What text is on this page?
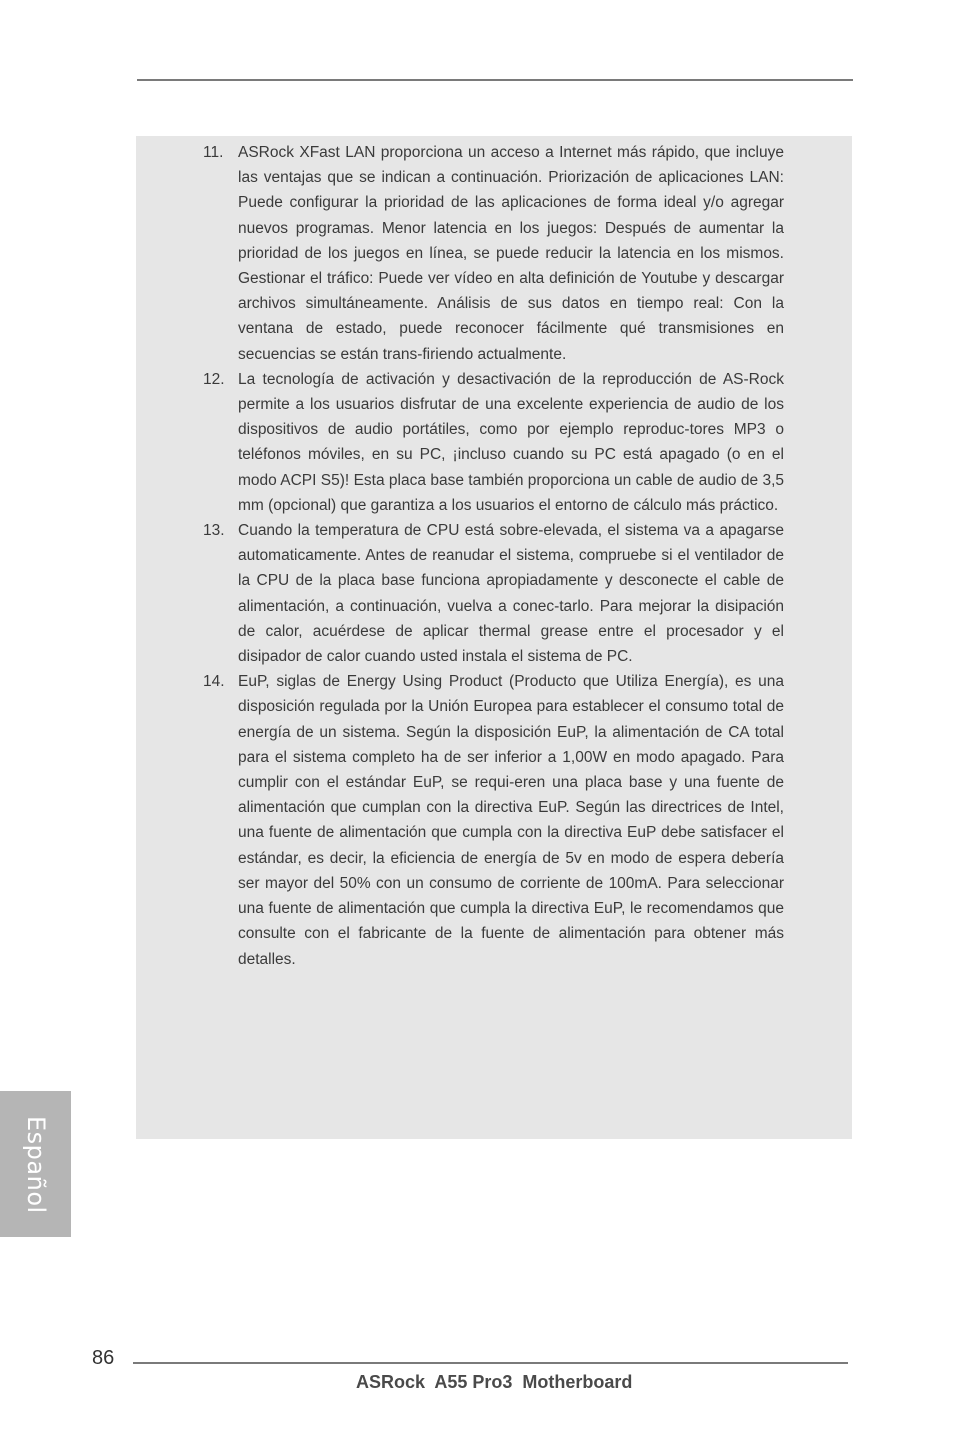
11. ASRock XFast LAN proporciona un acceso a Internet más rápido, que incluye las ventajas que se indican a continuación. Priorización de aplicaciones LAN: Puede configurar la prioridad de las aplicaciones de forma ideal y/o agregar nuevos programas. Menor latencia en los juegos: Después de aumentar la prioridad de los juegos en línea, se puede reducir la latencia en los mismos. Gestionar el tráfico: Puede ver vídeo en alta definición de Youtube y descargar archivos simultáneamente. Análisis de sus datos en tiempo real: Con la ventana de estado, puede reconocer fácilmente qué transmisiones en secuencias se están trans-firiendo actualmente.
12. La tecnología de activación y desactivación de la reproducción de AS-Rock permite a los usuarios disfrutar de una excelente experiencia de audio de los dispositivos de audio portátiles, como por ejemplo reproduc-tores MP3 o teléfonos móviles, en su PC, ¡incluso cuando su PC está apagado (o en el modo ACPI S5)! Esta placa base también proporciona un cable de audio de 3,5 mm (opcional) que garantiza a los usuarios el entorno de cálculo más práctico.
13. Cuando la temperatura de CPU está sobre-elevada, el sistema va a apagarse automaticamente. Antes de reanudar el sistema, compruebe si el ventilador de la CPU de la placa base funciona apropiadamente y desconecte el cable de alimentación, a continuación, vuelva a conec-tarlo. Para mejorar la disipación de calor, acuérdese de aplicar thermal grease entre el procesador y el disipador de calor cuando usted instala el sistema de PC.
14. EuP, siglas de Energy Using Product (Producto que Utiliza Energía), es una disposición regulada por la Unión Europea para establecer el consumo total de energía de un sistema. Según la disposición EuP, la alimentación de CA total para el sistema completo ha de ser inferior a 1,00W en modo apagado. Para cumplir con el estándar EuP, se requi-eren una placa base y una fuente de alimentación que cumplan con la directiva EuP. Según las directrices de Intel, una fuente de alimentación que cumpla con la directiva EuP debe satisfacer el estándar, es decir, la eficiencia de energía de 5v en modo de espera debería ser mayor del 50% con un consumo de corriente de 100mA. Para seleccionar una fuente de alimentación que cumpla la directiva EuP, le recomendamos que consulte con el fabricante de la fuente de alimentación para obtener más detalles.
Español
86
ASRock  A55 Pro3  Motherboard
